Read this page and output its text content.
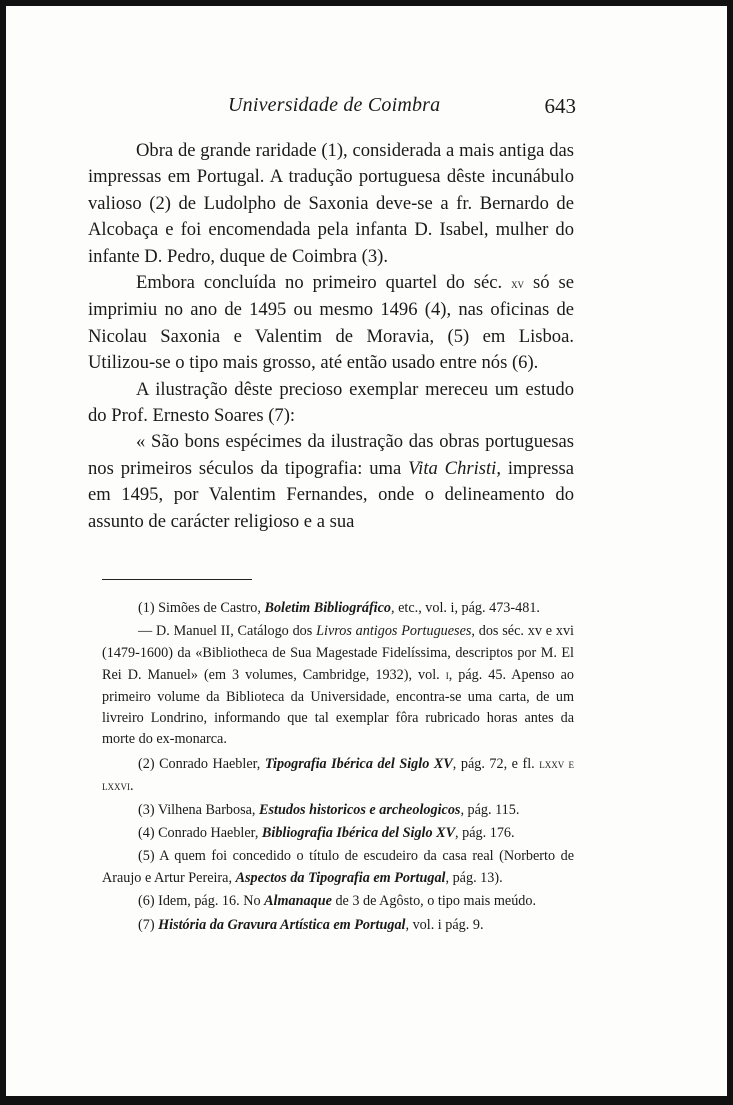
Universidade de Coimbra	643

Obra de grande raridade (1), considerada a mais antiga das impressas em Portugal. A tradução portuguesa dêste incunábulo valioso (2) de Ludolpho de Saxonia deve-se a fr. Bernardo de Alcobaça e foi encomendada pela infanta D. Isabel, mulher do infante D. Pedro, duque de Coimbra (3).

Embora concluída no primeiro quartel do séc. xv só se imprimiu no ano de 1495 ou mesmo 1496 (4), nas oficinas de Nicolau Saxonia e Valentim de Moravia, (5) em Lisboa. Utilizou-se o tipo mais grosso, até então usado entre nós (6).

A ilustração dêste precioso exemplar mereceu um estudo do Prof. Ernesto Soares (7):

« São bons espécimes da ilustração das obras portuguesas nos primeiros séculos da tipografia: uma Vita Christi, impressa em 1495, por Valentim Fernandes, onde o delineamento do assunto de carácter religioso e a sua

(1) Simões de Castro, Boletim Bibliográfico, etc., vol. i, pág. 473-481.

— D. Manuel II, Catálogo dos Livros antigos Portugueses, dos séc. xv e xvi (1479-1600) da «Bibliotheca de Sua Magestade Fidelíssima, descriptos por M. El Rei D. Manuel» (em 3 volumes, Cambridge, 1932), vol. i, pág. 45. Apenso ao primeiro volume da Biblioteca da Universidade, encontra-se uma carta, de um livreiro Londrino, informando que tal exemplar fôra rubricado horas antes da morte do ex-monarca.

(2) Conrado Haebler, Tipografia Ibérica del Siglo XV, pág. 72, e fl. lxxv e lxxvi.

(3) Vilhena Barbosa, Estudos historicos e archeologicos, pág. 115.

(4) Conrado Haebler, Bibliografia Ibérica del Siglo XV, pág. 176.

(5) A quem foi concedido o título de escudeiro da casa real (Norberto de Araujo e Artur Pereira, Aspectos da Tipografia em Portugal, pág. 13).

(6) Idem, pág. 16. No Almanaque de 3 de Agôsto, o tipo mais meúdo.

(7) História da Gravura Artística em Portugal, vol. i pág. 9.
